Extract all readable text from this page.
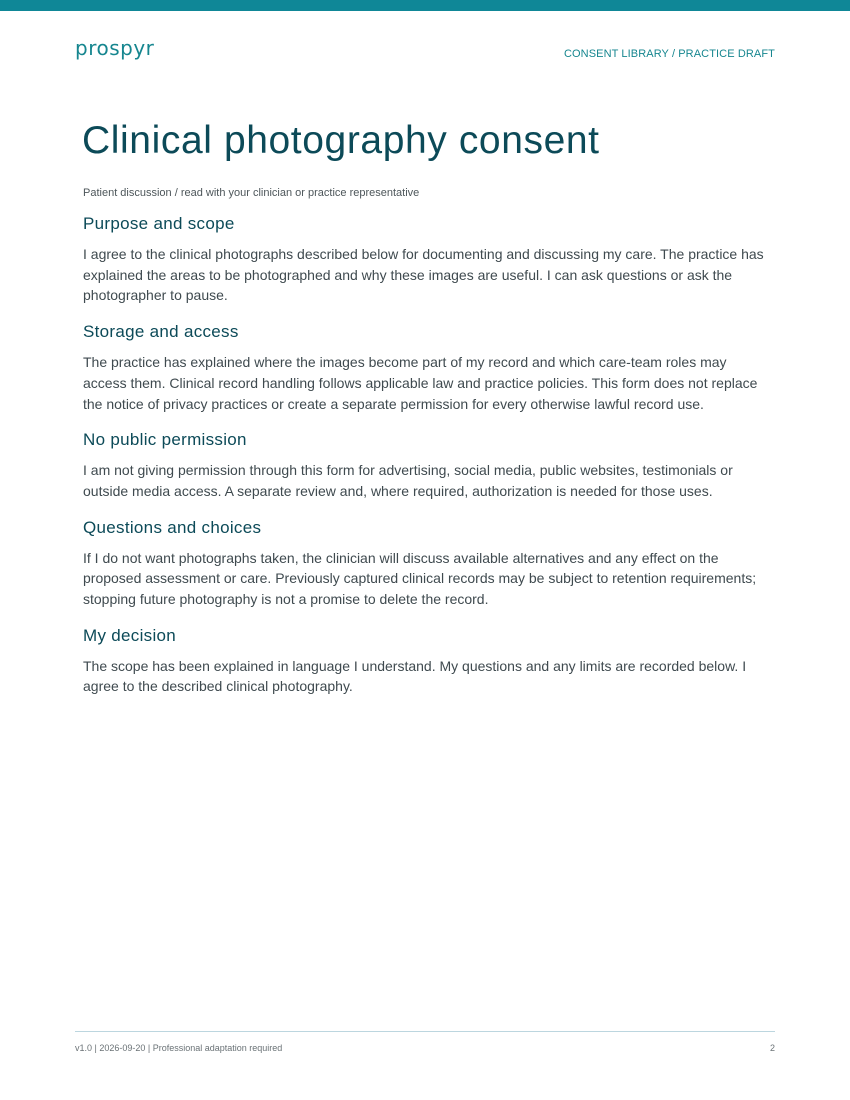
prospyr	CONSENT LIBRARY / PRACTICE DRAFT
Clinical photography consent
Patient discussion / read with your clinician or practice representative
Purpose and scope

I agree to the clinical photographs described below for documenting and discussing my care. The practice has explained the areas to be photographed and why these images are useful. I can ask questions or ask the photographer to pause.

Storage and access

The practice has explained where the images become part of my record and which care-team roles may access them. Clinical record handling follows applicable law and practice policies. This form does not replace the notice of privacy practices or create a separate permission for every otherwise lawful record use.

No public permission

I am not giving permission through this form for advertising, social media, public websites, testimonials or outside media access. A separate review and, where required, authorization is needed for those uses.

Questions and choices

If I do not want photographs taken, the clinician will discuss available alternatives and any effect on the proposed assessment or care. Previously captured clinical records may be subject to retention requirements; stopping future photography is not a promise to delete the record.

My decision

The scope has been explained in language I understand. My questions and any limits are recorded below. I agree to the described clinical photography.

v1.0 | 2026-09-20 | Professional adaptation required	2
